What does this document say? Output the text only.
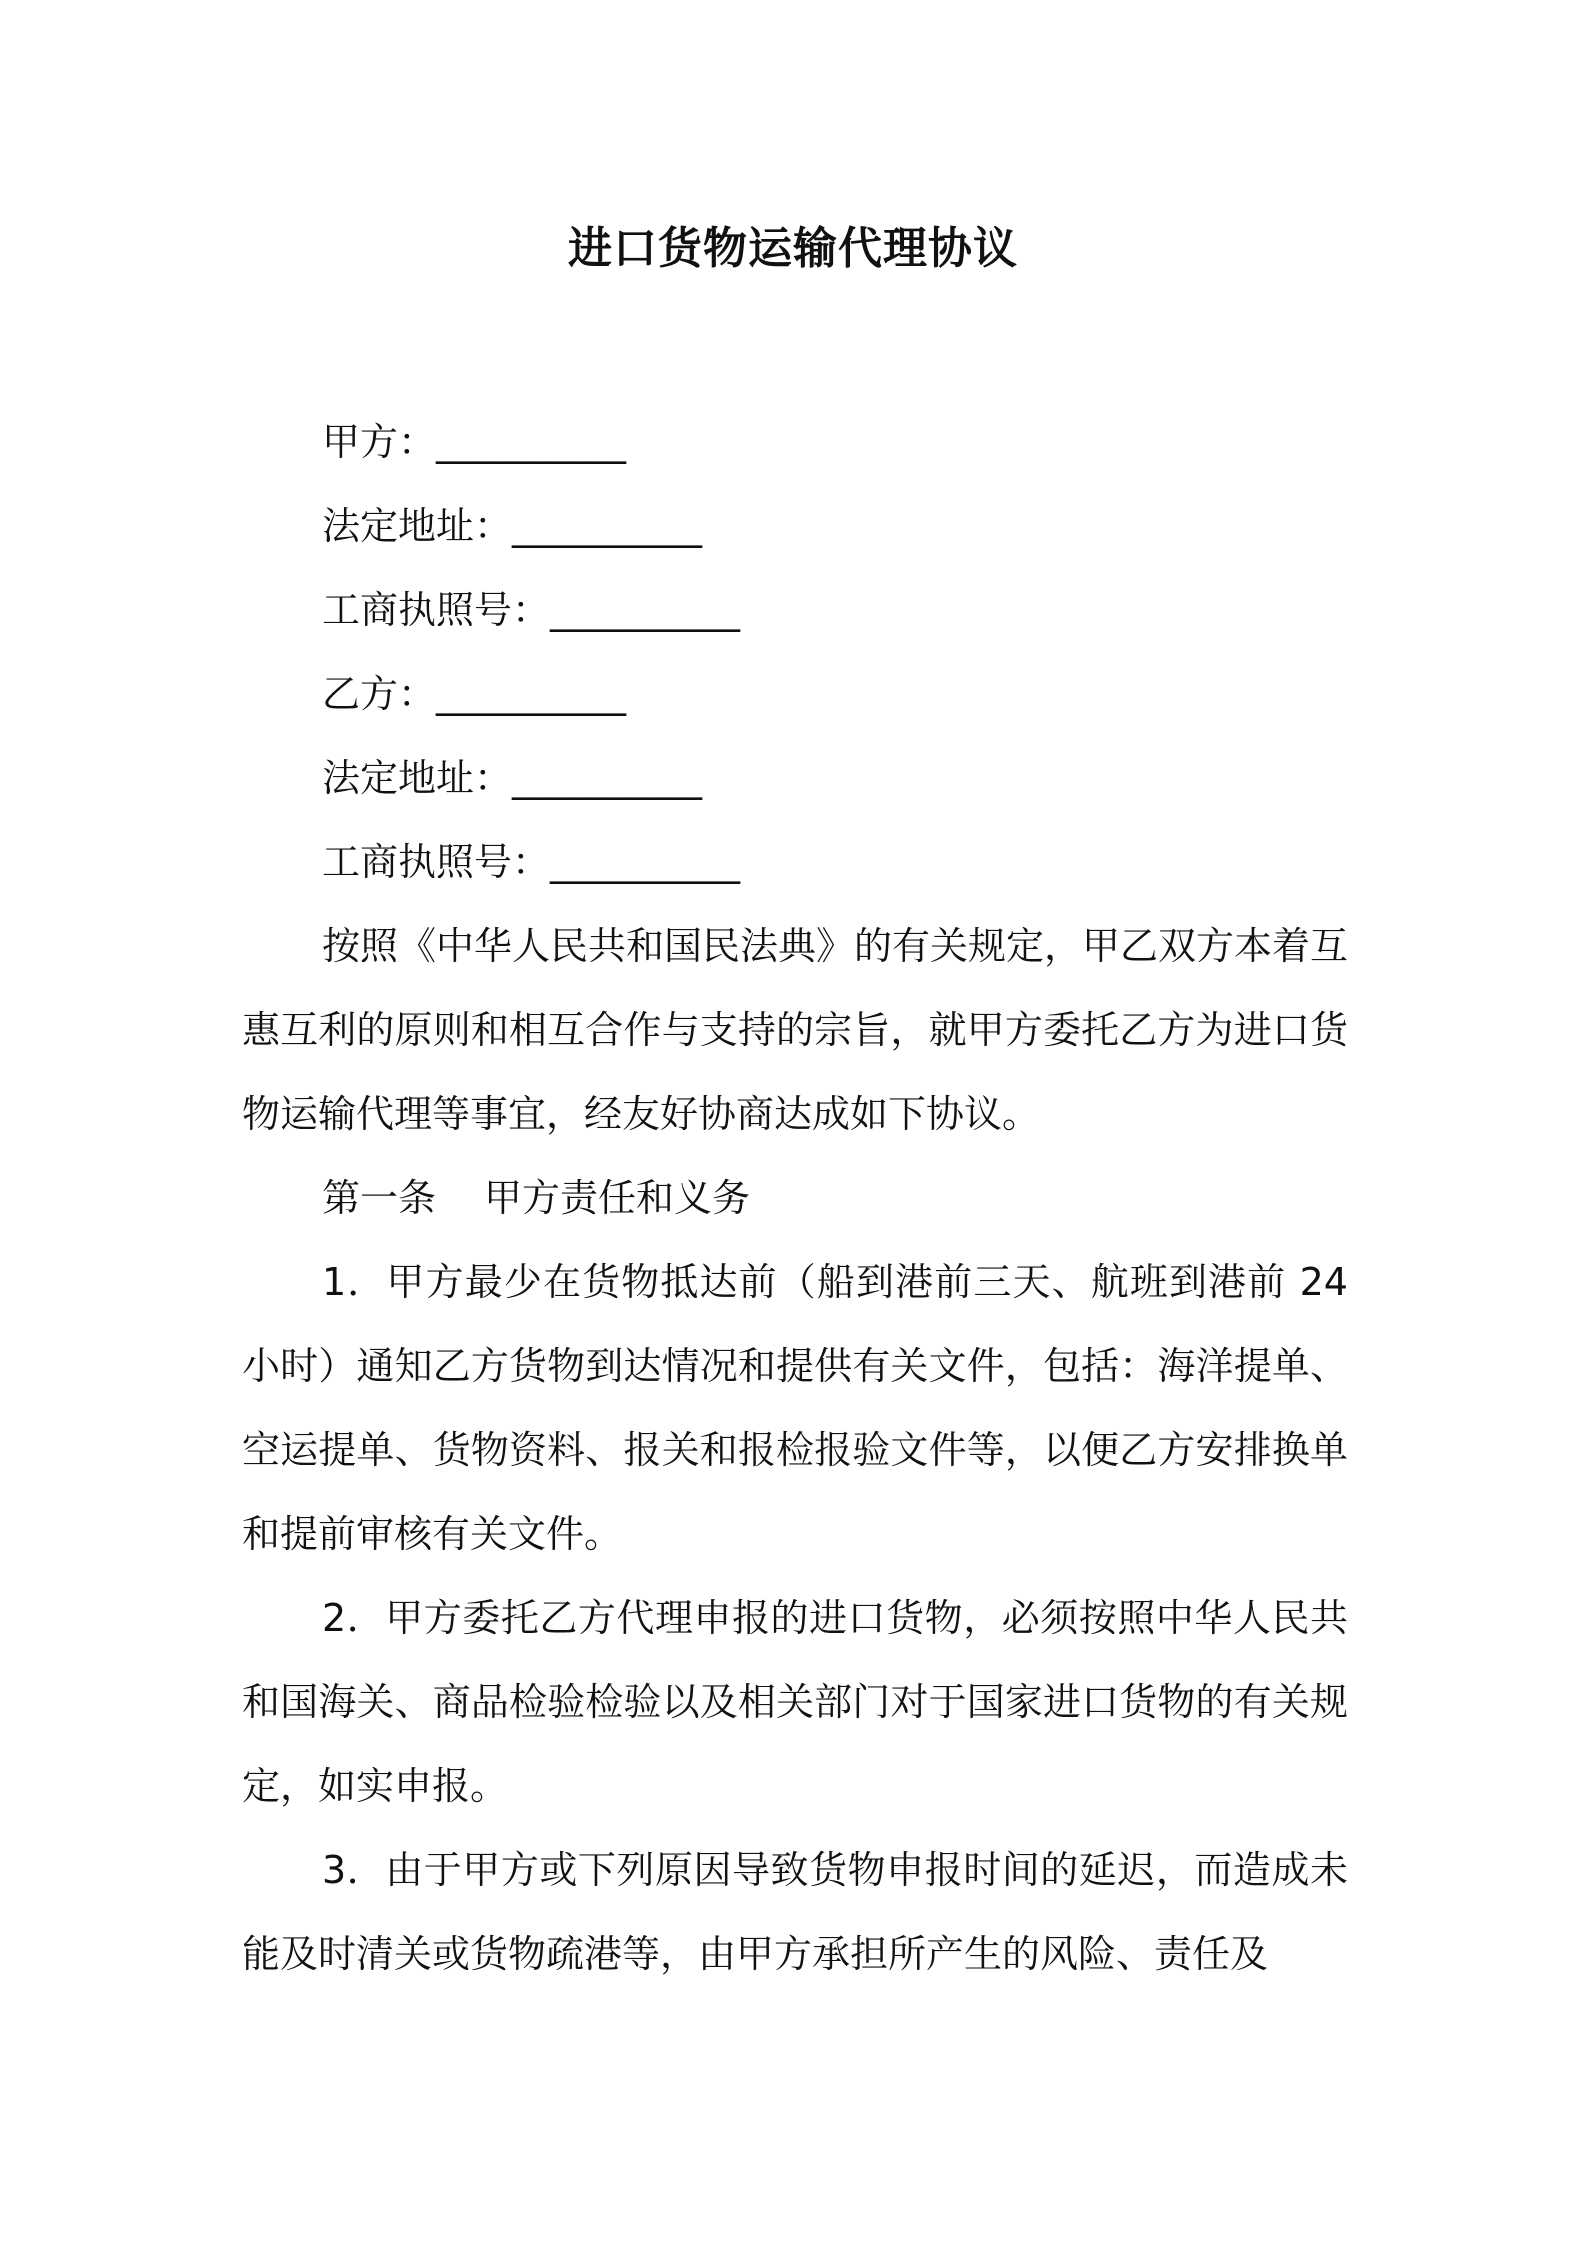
进口货物运输代理协议
甲方：__________
法定地址：__________
工商执照号：__________
乙方：__________
法定地址：__________
工商执照号：__________

按照《中华人民共和国民法典》的有关规定，甲乙双方本着互惠互利的原则和相互合作与支持的宗旨，就甲方委托乙方为进口货物运输代理等事宜，经友好协商达成如下协议。

第一条 甲方责任和义务

1．甲方最少在货物抵达前（船到港前三天、航班到港前 24 小时）通知乙方货物到达情况和提供有关文件，包括：海洋提单、空运提单、货物资料、报关和报检报验文件等，以便乙方安排换单和提前审核有关文件。

2．甲方委托乙方代理申报的进口货物，必须按照中华人民共和国海关、商品检验检验以及相关部门对于国家进口货物的有关规定，如实申报。

3．由于甲方或下列原因导致货物申报时间的延迟，而造成未能及时清关或货物疏港等，由甲方承担所产生的风险、责任及
